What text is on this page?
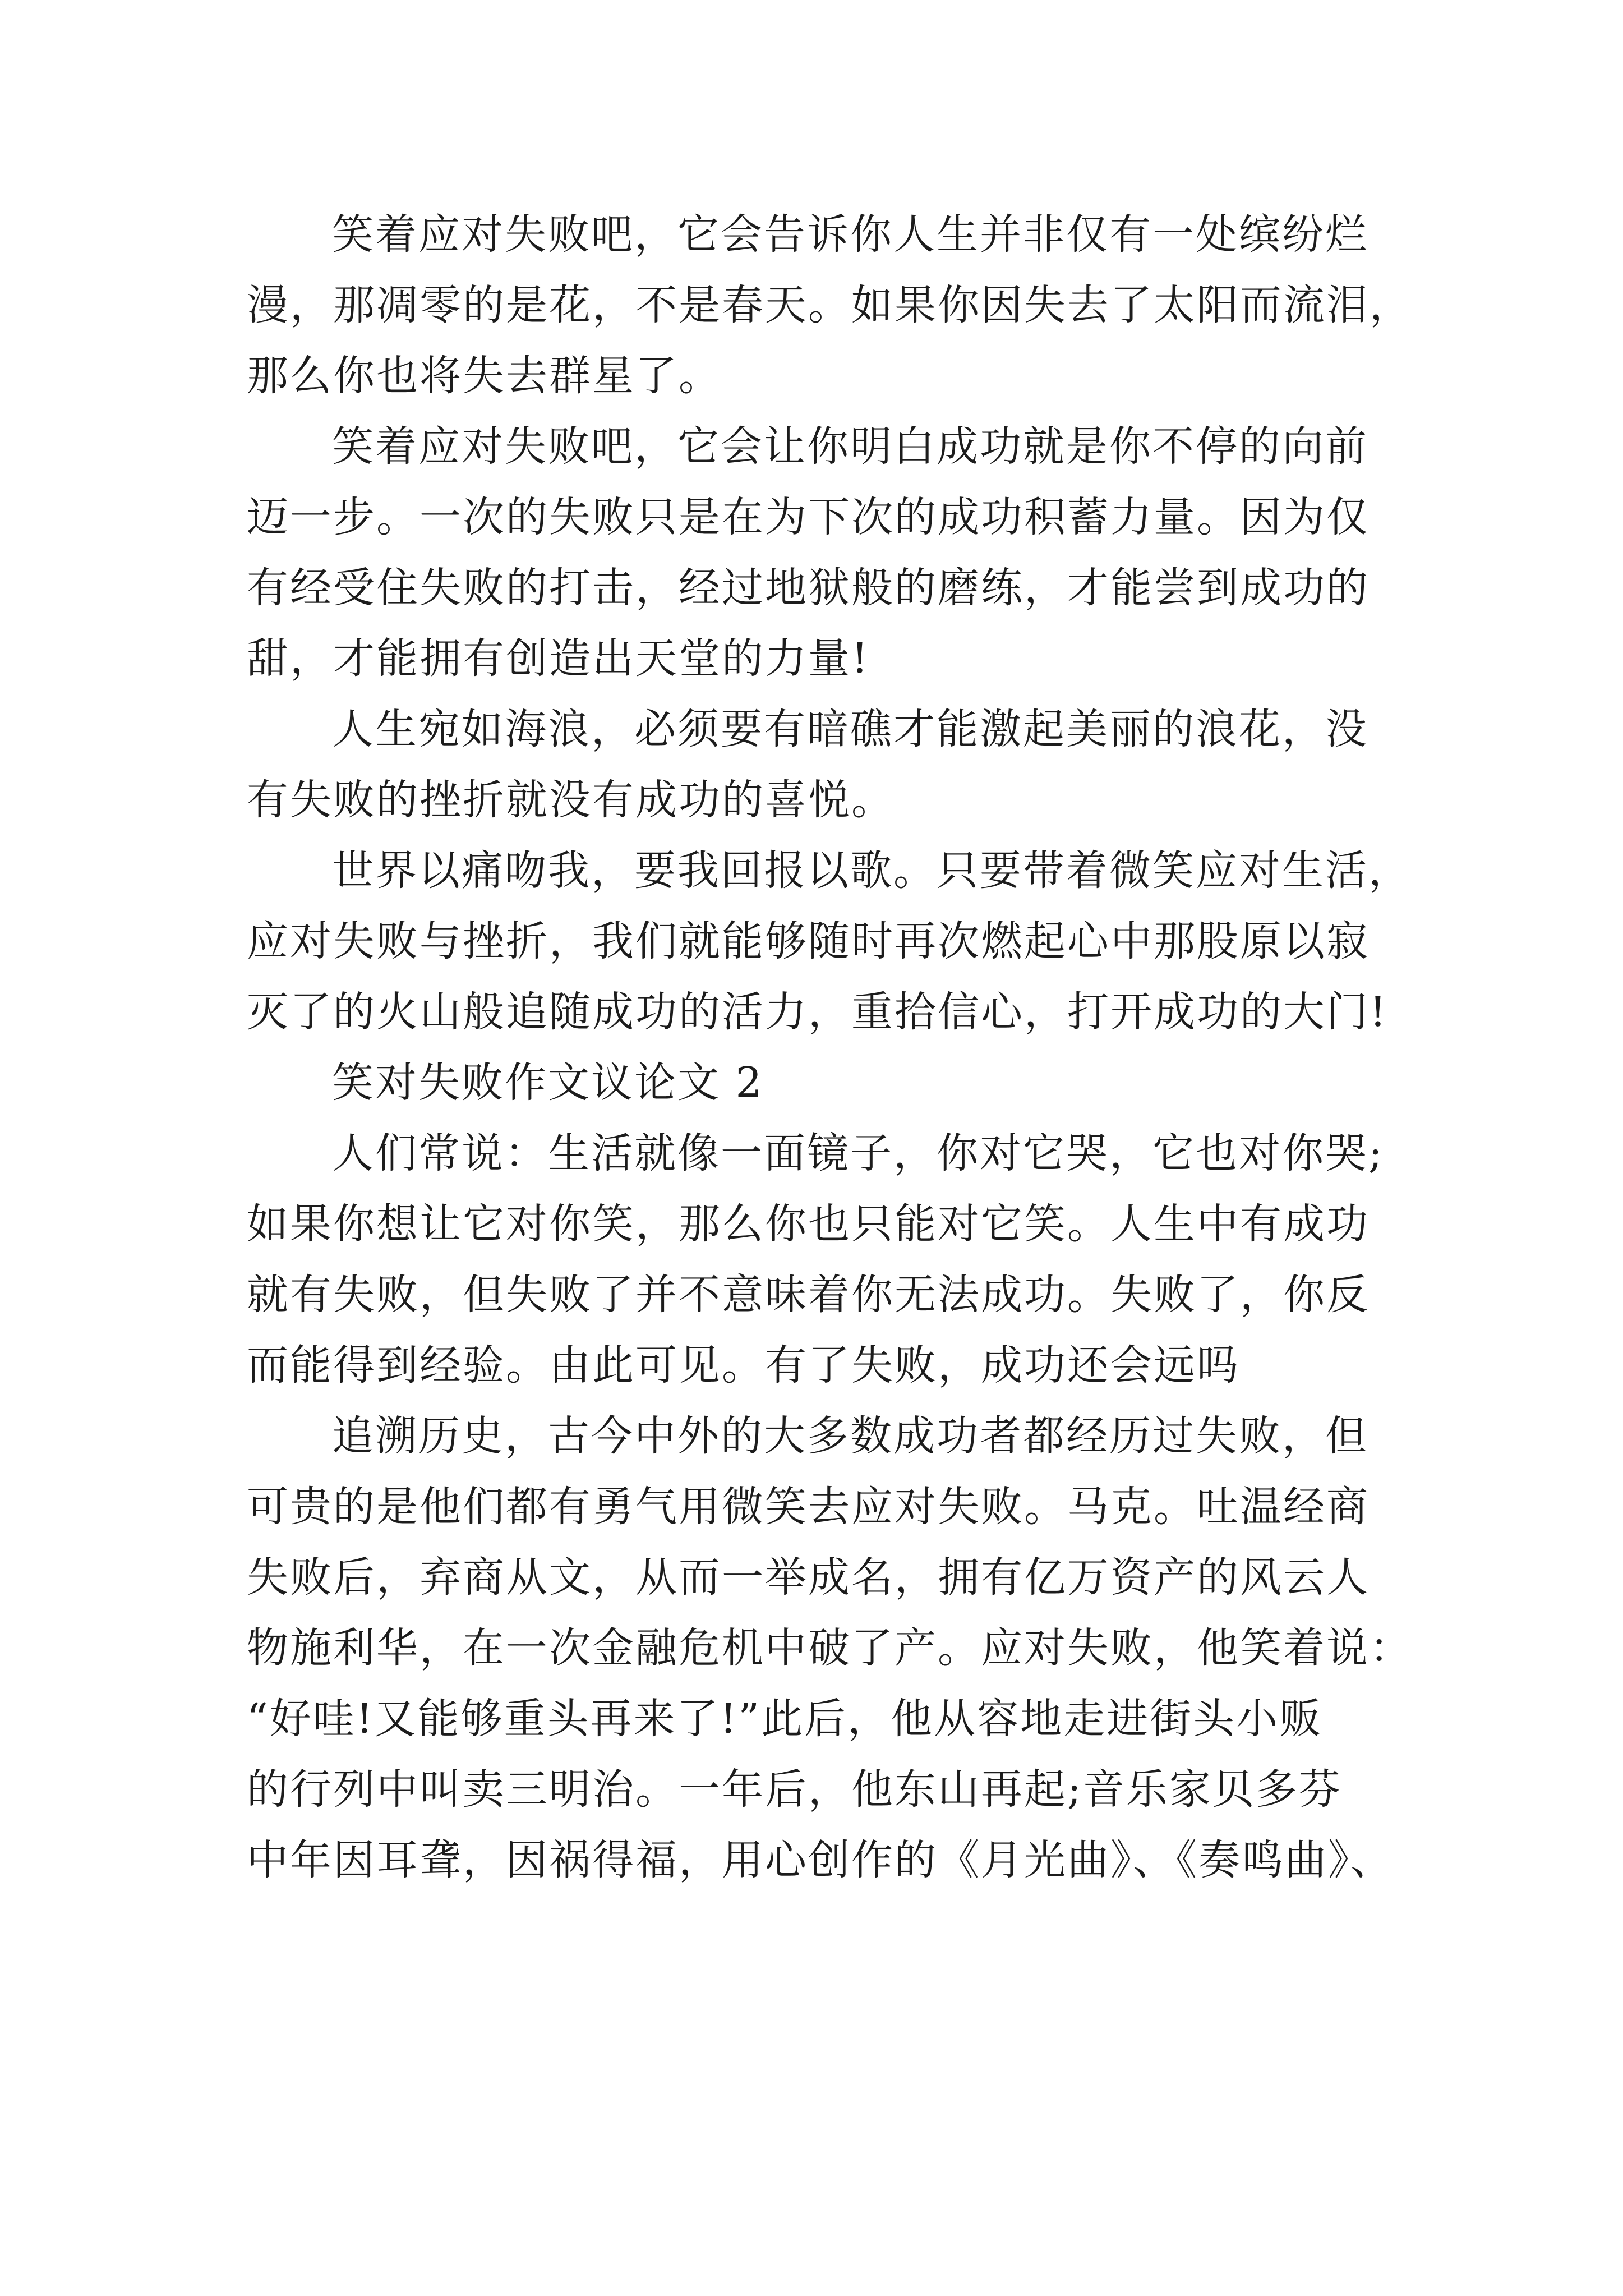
笑着应对失败吧，它会告诉你人生并非仅有一处缤纷烂
漫，那凋零的是花，不是春天。如果你因失去了太阳而流泪，
那么你也将失去群星了。
笑着应对失败吧，它会让你明白成功就是你不停的向前
迈一步。一次的失败只是在为下次的成功积蓄力量。因为仅
有经受住失败的打击，经过地狱般的磨练，才能尝到成功的
甜，才能拥有创造出天堂的力量!
人生宛如海浪，必须要有暗礁才能激起美丽的浪花，没
有失败的挫折就没有成功的喜悦。
世界以痛吻我，要我回报以歌。只要带着微笑应对生活，
应对失败与挫折，我们就能够随时再次燃起心中那股原以寂
灭了的火山般追随成功的活力，重拾信心，打开成功的大门!
笑对失败作文议论文 2
人们常说：生活就像一面镜子，你对它哭，它也对你哭;
如果你想让它对你笑，那么你也只能对它笑。人生中有成功
就有失败，但失败了并不意味着你无法成功。失败了，你反
而能得到经验。由此可见。有了失败，成功还会远吗
追溯历史，古今中外的大多数成功者都经历过失败，但
可贵的是他们都有勇气用微笑去应对失败。马克。吐温经商
失败后，弃商从文，从而一举成名，拥有亿万资产的风云人
物施利华，在一次金融危机中破了产。应对失败，他笑着说：
“好哇!又能够重头再来了!”此后，他从容地走进街头小贩
的行列中叫卖三明治。一年后，他东山再起;音乐家贝多芬
中年因耳聋，因祸得福，用心创作的《月光曲》、《奏鸣曲》、
